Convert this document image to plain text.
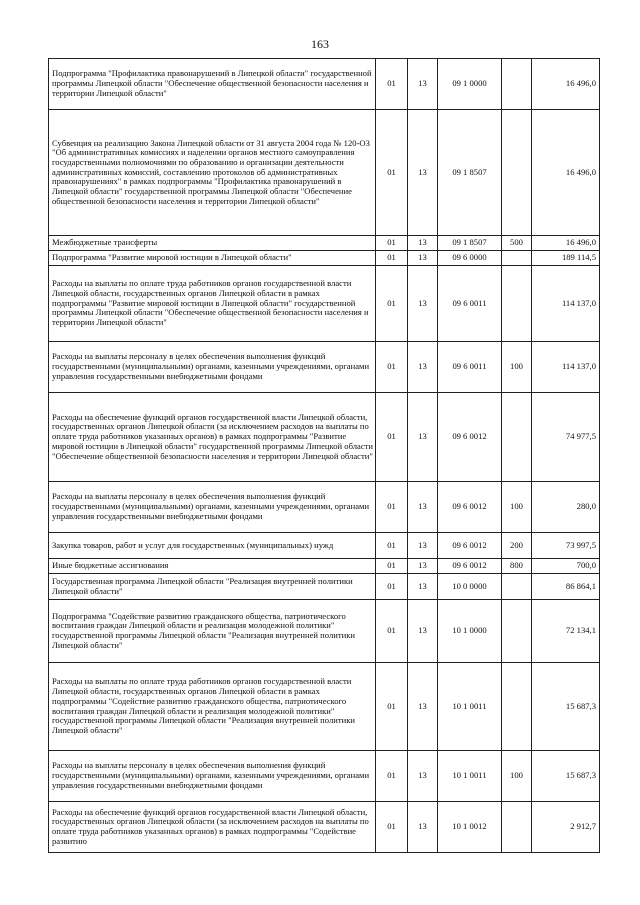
163
Подпрограмма "Профилактика правонарушений в Липецкой области" государственной программы Липецкой области "Обеспечение общественной безопасности населения и территории Липецкой области"	01	13	09 1 0000		16 496,0
Субвенция на реализацию Закона Липецкой области от 31 августа 2004 года № 120-ОЗ "Об административных комиссиях и наделении органов местного самоуправления государственными полномочиями по образованию и организации деятельности административных комиссий, составлению протоколов об административных правонарушениях" в рамках подпрограммы "Профилактика правонарушений в Липецкой области" государственной программы Липецкой области "Обеспечение общественной безопасности населения и территории Липецкой области"	01	13	09 1 8507		16 496,0
Межбюджетные трансферты	01	13	09 1 8507	500	16 496,0
Подпрограмма "Развитие мировой юстиции в Липецкой области"	01	13	09 6 0000		189 114,5
Расходы на выплаты по оплате труда работников органов государственной власти Липецкой области, государственных органов Липецкой области в рамках подпрограммы "Развитие мировой юстиции в Липецкой области" государственной программы Липецкой области "Обеспечение общественной безопасности населения и территории Липецкой области"	01	13	09 6 0011		114 137,0
Расходы на выплаты персоналу в целях обеспечения выполнения функций государственными (муниципальными) органами, казенными учреждениями, органами управления государственными внебюджетными фондами	01	13	09 6 0011	100	114 137,0
Расходы на обеспечение функций органов государственной власти Липецкой области, государственных органов Липецкой области (за исключением расходов на выплаты по оплате труда работников указанных органов) в рамках подпрограммы "Развитие мировой юстиции в Липецкой области" государственной программы Липецкой области "Обеспечение общественной безопасности населения и территории Липецкой области"	01	13	09 6 0012		74 977,5
Расходы на выплаты персоналу в целях обеспечения выполнения функций государственными (муниципальными) органами, казенными учреждениями, органами управления государственными внебюджетными фондами	01	13	09 6 0012	100	280,0
Закупка товаров, работ и услуг для государственных (муниципальных) нужд	01	13	09 6 0012	200	73 997,5
Иные бюджетные ассигнования	01	13	09 6 0012	800	700,0
Государственная программа Липецкой области "Реализация внутренней политики Липецкой области"	01	13	10 0 0000		86 864,1
Подпрограмма "Содействие развитию гражданского общества, патриотического воспитания граждан Липецкой области и реализация молодежной политики" государственной программы Липецкой области "Реализация внутренней политики Липецкой области"	01	13	10 1 0000		72 134,1
Расходы на выплаты по оплате труда работников органов государственной власти Липецкой области, государственных органов Липецкой области в рамках подпрограммы "Содействие развитию гражданского общества, патриотического воспитания граждан Липецкой области и реализация молодежной политики" государственной программы Липецкой области "Реализация внутренней политики Липецкой области"	01	13	10 1 0011		15 687,3
Расходы на выплаты персоналу в целях обеспечения выполнения функций государственными (муниципальными) органами, казенными учреждениями, органами управления государственными внебюджетными фондами	01	13	10 1 0011	100	15 687,3
Расходы на обеспечение функций органов государственной власти Липецкой области, государственных органов Липецкой области (за исключением расходов на выплаты по оплате труда работников указанных органов) в рамках подпрограммы "Содействие развитию	01	13	10 1 0012		2 912,7
